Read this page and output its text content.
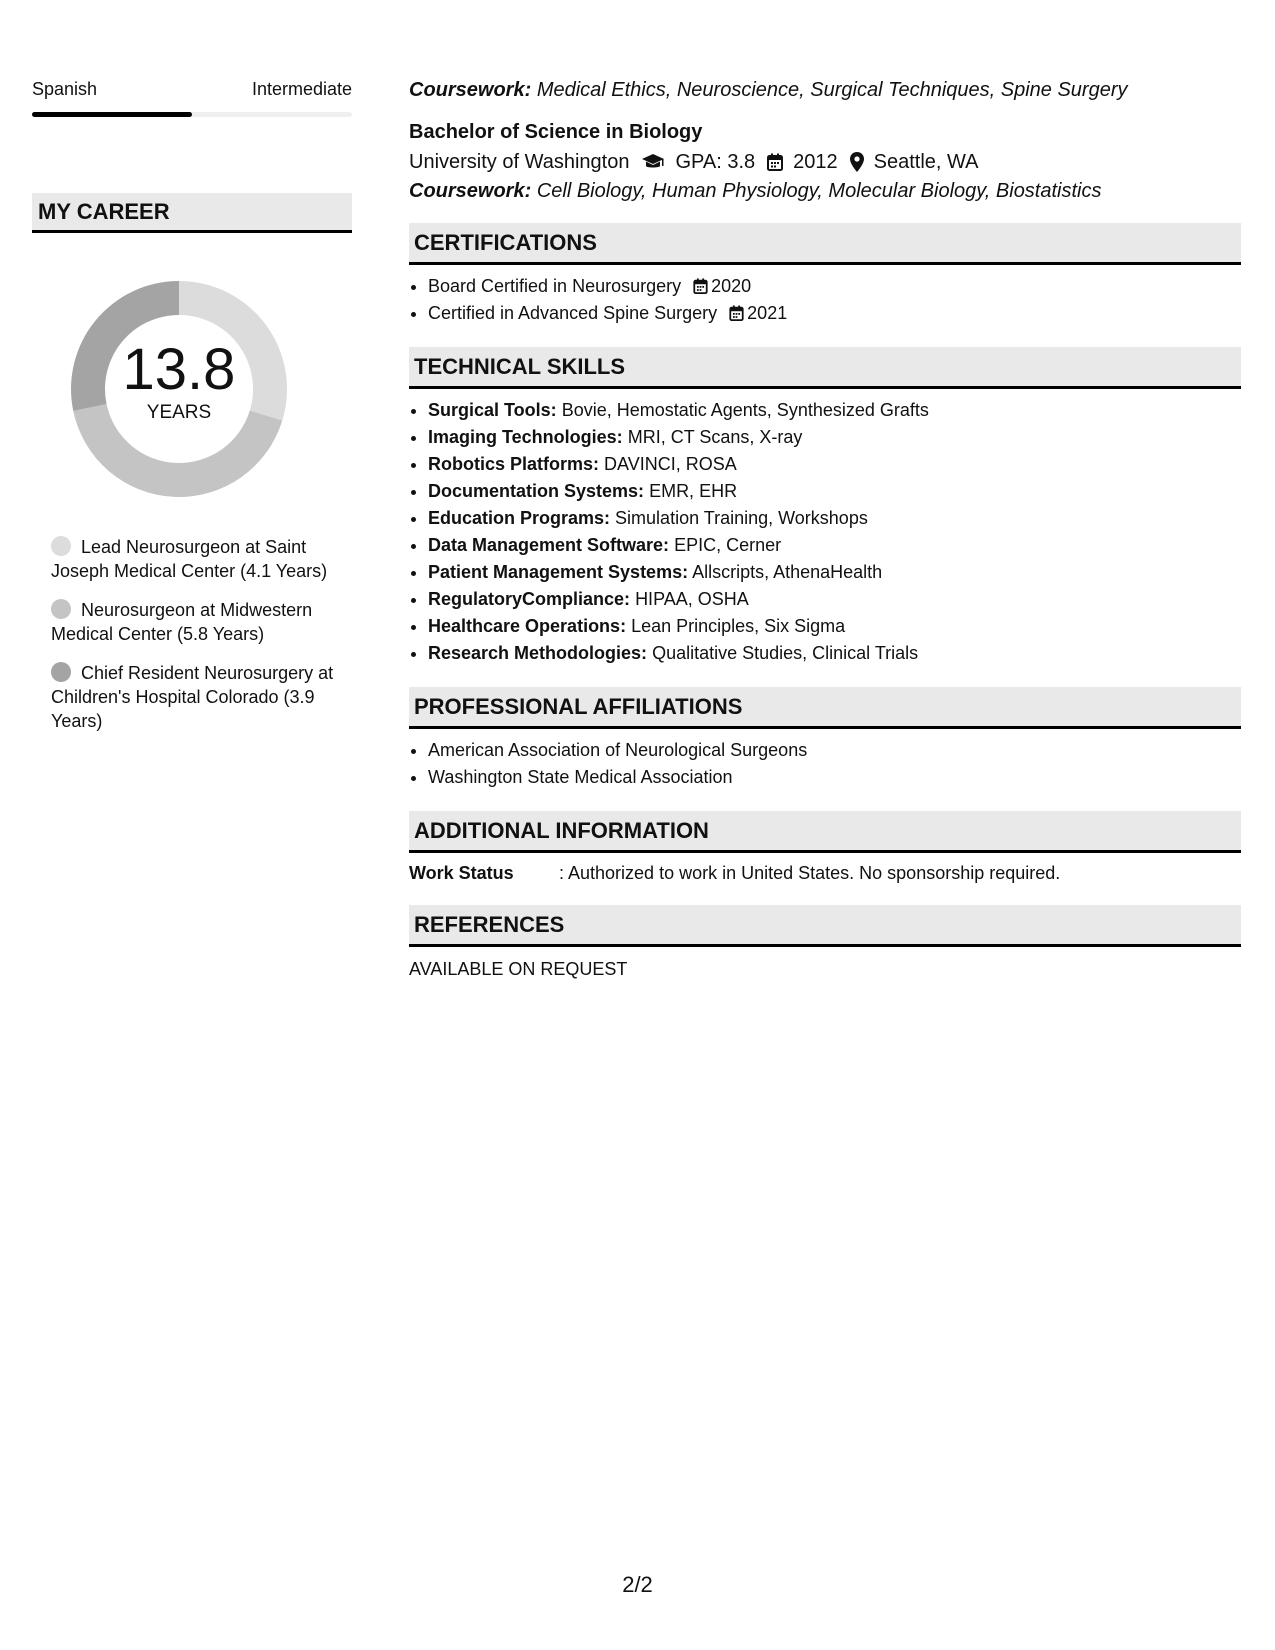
Spanish	Intermediate
MY CAREER
13.8
YEARS
Lead Neurosurgeon at Saint Joseph Medical Center (4.1 Years)
Neurosurgeon at Midwestern Medical Center (5.8 Years)
Chief Resident Neurosurgery at Children's Hospital Colorado (3.9 Years)
Coursework: Medical Ethics, Neuroscience, Surgical Techniques, Spine Surgery
Bachelor of Science in Biology
University of Washington GPA: 3.8 2012 Seattle, WA
Coursework: Cell Biology, Human Physiology, Molecular Biology, Biostatistics
CERTIFICATIONS
• Board Certified in Neurosurgery 2020
• Certified in Advanced Spine Surgery 2021
TECHNICAL SKILLS
• Surgical Tools: Bovie, Hemostatic Agents, Synthesized Grafts
• Imaging Technologies: MRI, CT Scans, X-ray
• Robotics Platforms: DAVINCI, ROSA
• Documentation Systems: EMR, EHR
• Education Programs: Simulation Training, Workshops
• Data Management Software: EPIC, Cerner
• Patient Management Systems: Allscripts, AthenaHealth
• RegulatoryCompliance: HIPAA, OSHA
• Healthcare Operations: Lean Principles, Six Sigma
• Research Methodologies: Qualitative Studies, Clinical Trials
PROFESSIONAL AFFILIATIONS
• American Association of Neurological Surgeons
• Washington State Medical Association
ADDITIONAL INFORMATION
Work Status	: Authorized to work in United States. No sponsorship required.
REFERENCES
AVAILABLE ON REQUEST
2/2
